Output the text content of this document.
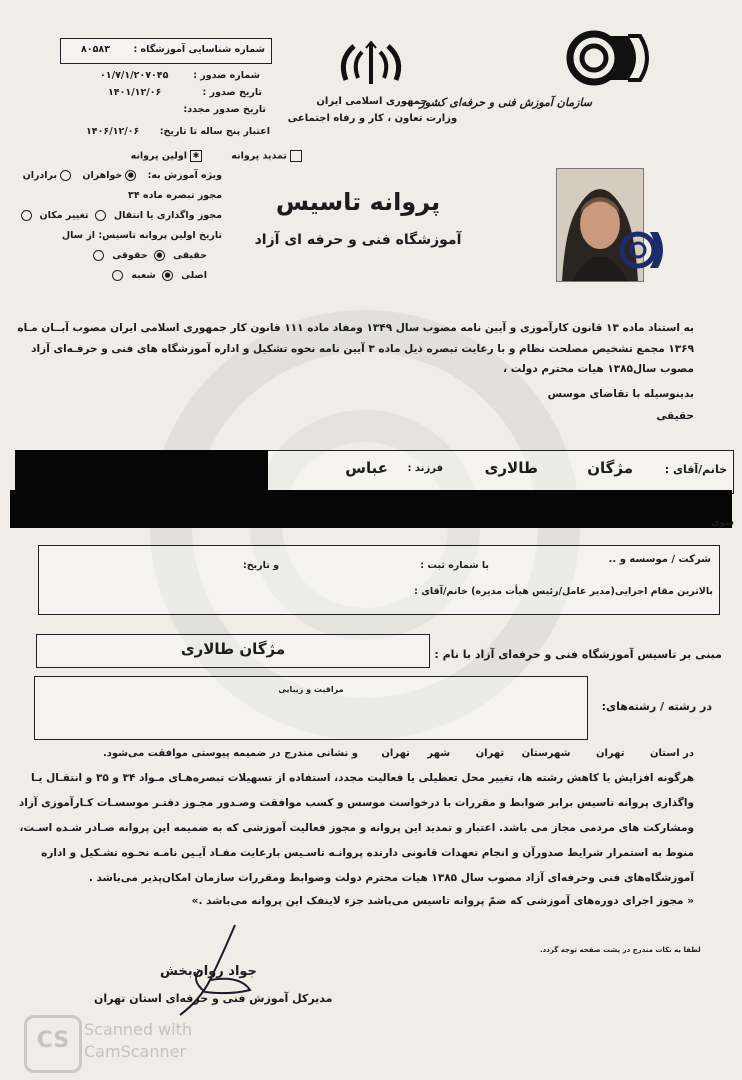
سازمان آموزش فنی و حرفه‌ای کشور
جمهوری اسلامی ایران
وزارت تعاون ، کار و رفاه اجتماعی
شماره شناسایی آموزشگاه :
۸۰۵۸۳
شماره صدور :
۰۱/۷/۱/۲۰۷۰۴۵
تاریخ صدور :
۱۴۰۱/۱۲/۰۶
تاریخ صدور مجدد:
اعتبار پنج ساله تا تاریخ:
۱۴۰۶/۱۲/۰۶
✱اولین پروانه	تمدید پروانه
ویژه آموزش به: ●خواهران برادران
مجوز تبصره ماده ۳۴
مجوز واگذاری یا انتقال تغییر مکان
تاریخ اولین پروانه تاسیس: از سال
حقیقی● حقوقی
اصلی● شعبه
پروانه تاسیس
آموزشگاه فنی و حرفه ای آزاد
به استناد ماده ۱۳ قانون کارآموزی و آیین نامه مصوب سال ۱۳۴۹ ومفاد ماده ۱۱۱ قانون کار جمهوری اسلامی ایران مصوب آبــان مـاه
۱۳۶۹ مجمع تشخیص مصلحت نظام و با رعایت تبصره ذیل ماده ۳ آیین نامه نحوه تشکیل و اداره آموزشگاه های فنی و حرفـه‌ای آزاد
مصوب سال۱۳۸۵ هیات محترم دولت ،
بدینوسیله با تقاضای موسس
حقیقی
خانم/آقای :
مژگان
طالاری
فرزند :
عباس
سوی
شرکت / موسسه و ..
با شماره ثبت :
و تاریخ:
بالاترین مقام اجرایی(مدیر عامل/رئیس هیأت مدیره) خانم/آقای :
مبنی بر تاسیس آموزشگاه فنی و حرفه‌ای آزاد با نام :
مژگان طالاری
در رشته / رشته‌های:
مراقبت و زیبایی
در استان تهران شهرستان تهران شهر تهران و نشانی مندرج در ضمیمه پیوستی موافقت می‌شود.
هرگونه افزایش یا کاهش رشته ها، تغییر محل تعطیلی یا فعالیت مجدد، استفاده از تسهیلات تبصره‌هـای مـواد ۳۴ و ۳۵ و انتقـال یـا
واگذاری پروانه تاسیس برابر ضوابط و مقررات با درخواست موسس و کسب موافقت وصـدور مجـوز دفتـر موسسـات کـارآموزی آزاد
ومشارکت های مردمی مجاز می باشد. اعتبار و تمدید این پروانه و مجوز فعالیت آموزشی که به ضمیمه این پروانه صـادر شـده اسـت،
منوط به استمرار شرایط صدورآن و انجام تعهدات قانونی دارنده پروانـه تاسـیس بارعایت مفـاد آیـین نامـه نحـوه تشـکیل و اداره
آموزشگاه‌های فنی وحرفه‌ای آزاد مصوب سال ۱۳۸۵ هیات محترم دولت وضوابط ومقررات سازمان امکان‌پذیر می‌باشد .
« مجوز اجرای دوره‌های آموزشی که ضمّ پروانه تاسیس می‌باشد جزء لاینفک این پروانه می‌باشد .»
لطفا به نکات مندرج در پشت صفحه توجه گردد.
جواد روان‌بخش
مدیرکل آموزش فنی و حرفه‌ای استان تهران
CS Scanned with
CamScanner
